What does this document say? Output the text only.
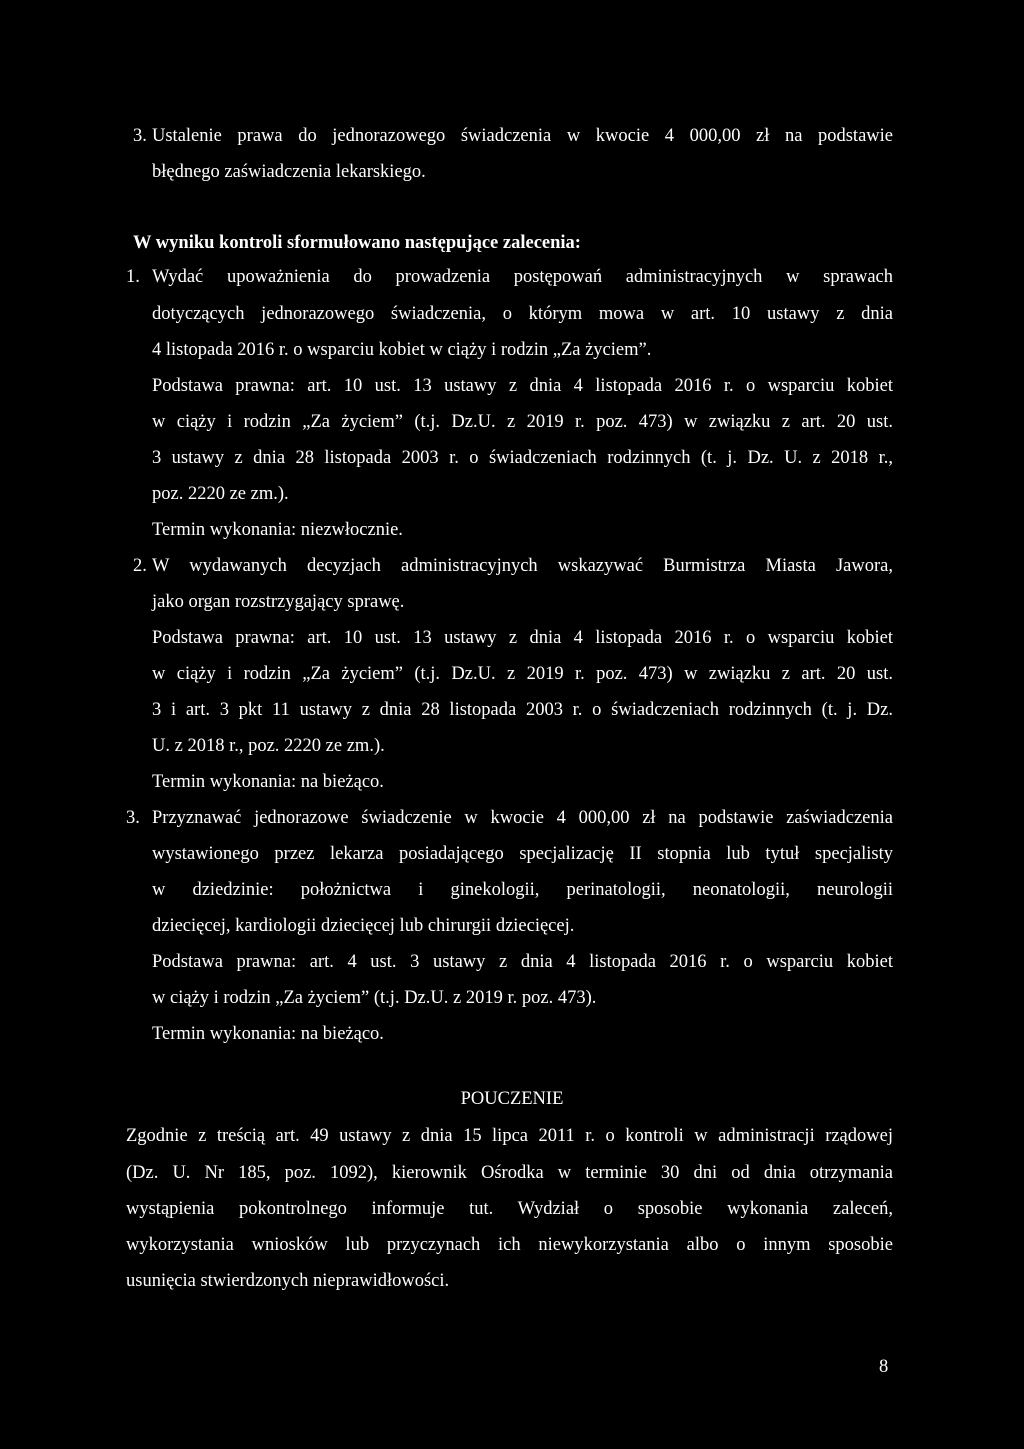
3. Ustalenie prawa do jednorazowego świadczenia w kwocie 4 000,00 zł na podstawie
błędnego zaświadczenia lekarskiego.
W wyniku kontroli sformułowano następujące zalecenia:
1. Wydać upoważnienia do prowadzenia postępowań administracyjnych w sprawach
dotyczących jednorazowego świadczenia, o którym mowa w art. 10 ustawy z dnia
4 listopada 2016 r. o wsparciu kobiet w ciąży i rodzin „Za życiem”.
Podstawa prawna: art. 10 ust. 13 ustawy z dnia 4 listopada 2016 r. o wsparciu kobiet
w ciąży i rodzin „Za życiem” (t.j. Dz.U. z 2019 r. poz. 473) w związku z art. 20 ust.
3 ustawy z dnia 28 listopada 2003 r. o świadczeniach rodzinnych (t. j. Dz. U. z 2018 r.,
poz. 2220 ze zm.).
Termin wykonania: niezwłocznie.
2. W wydawanych decyzjach administracyjnych wskazywać Burmistrza Miasta Jawora,
jako organ rozstrzygający sprawę.
Podstawa prawna: art. 10 ust. 13 ustawy z dnia 4 listopada 2016 r. o wsparciu kobiet
w ciąży i rodzin „Za życiem” (t.j. Dz.U. z 2019 r. poz. 473) w związku z art. 20 ust.
3 i art. 3 pkt 11 ustawy z dnia 28 listopada 2003 r. o świadczeniach rodzinnych (t. j. Dz.
U. z 2018 r., poz. 2220 ze zm.).
Termin wykonania: na bieżąco.
3. Przyznawać jednorazowe świadczenie w kwocie 4 000,00 zł na podstawie zaświadczenia
wystawionego przez lekarza posiadającego specjalizację II stopnia lub tytuł specjalisty
w dziedzinie: położnictwa i ginekologii, perinatologii, neonatologii, neurologii
dziecięcej, kardiologii dziecięcej lub chirurgii dziecięcej.
Podstawa prawna: art. 4 ust. 3 ustawy z dnia 4 listopada 2016 r. o wsparciu kobiet
w ciąży i rodzin „Za życiem” (t.j. Dz.U. z 2019 r. poz. 473).
Termin wykonania: na bieżąco.
POUCZENIE
Zgodnie z treścią art. 49 ustawy z dnia 15 lipca 2011 r. o kontroli w administracji rządowej
(Dz. U. Nr 185, poz. 1092), kierownik Ośrodka w terminie 30 dni od dnia otrzymania
wystąpienia pokontrolnego informuje tut. Wydział o sposobie wykonania zaleceń,
wykorzystania wniosków lub przyczynach ich niewykorzystania albo o innym sposobie
usunięcia stwierdzonych nieprawidłowości.
8
